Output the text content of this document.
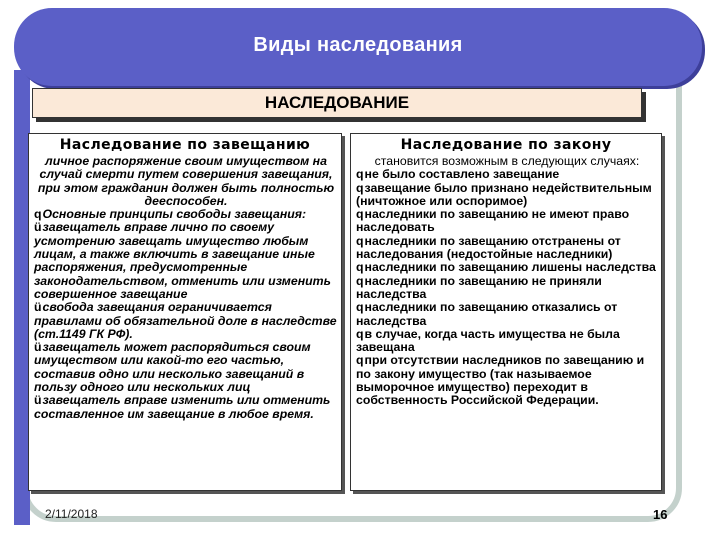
Виды наследования
НАСЛЕДОВАНИЕ
Наследование по завещанию
личное распоряжение своим имуществом на случай смерти путем совершения завещания, при этом гражданин должен быть полностью дееспособен.
qОсновные принципы свободы завещания:
üзавещатель вправе лично по своему усмотрению завещать имущество любым лицам, а также включить в завещание иные распоряжения, предусмотренные законодательством, отменить или изменить совершенное завещание
üсвобода завещания ограничивается правилами об обязательной доле в наследстве (ст.1149 ГК РФ).
üзавещатель может распорядиться своим имуществом или какой-то его частью, составив одно или несколько завещаний в пользу одного или нескольких лиц
üзавещатель вправе изменить или отменить составленное им завещание в любое время.
Наследование по закону
становится возможным в следующих случаях:
qне было составлено завещание
qзавещание было признано недействительным (ничтожное или оспоримое)
qнаследники по завещанию не имеют право наследовать
qнаследники по завещанию отстранены от наследования (недостойные наследники)
qнаследники по завещанию лишены наследства
qнаследники по завещанию не приняли наследства
qнаследники по завещанию отказались от наследства
qв случае, когда часть имущества не была завещана
qпри отсутствии наследников по завещанию и по закону имущество (так называемое выморочное имущество) переходит в собственность Российской Федерации.
2/11/2018	16
